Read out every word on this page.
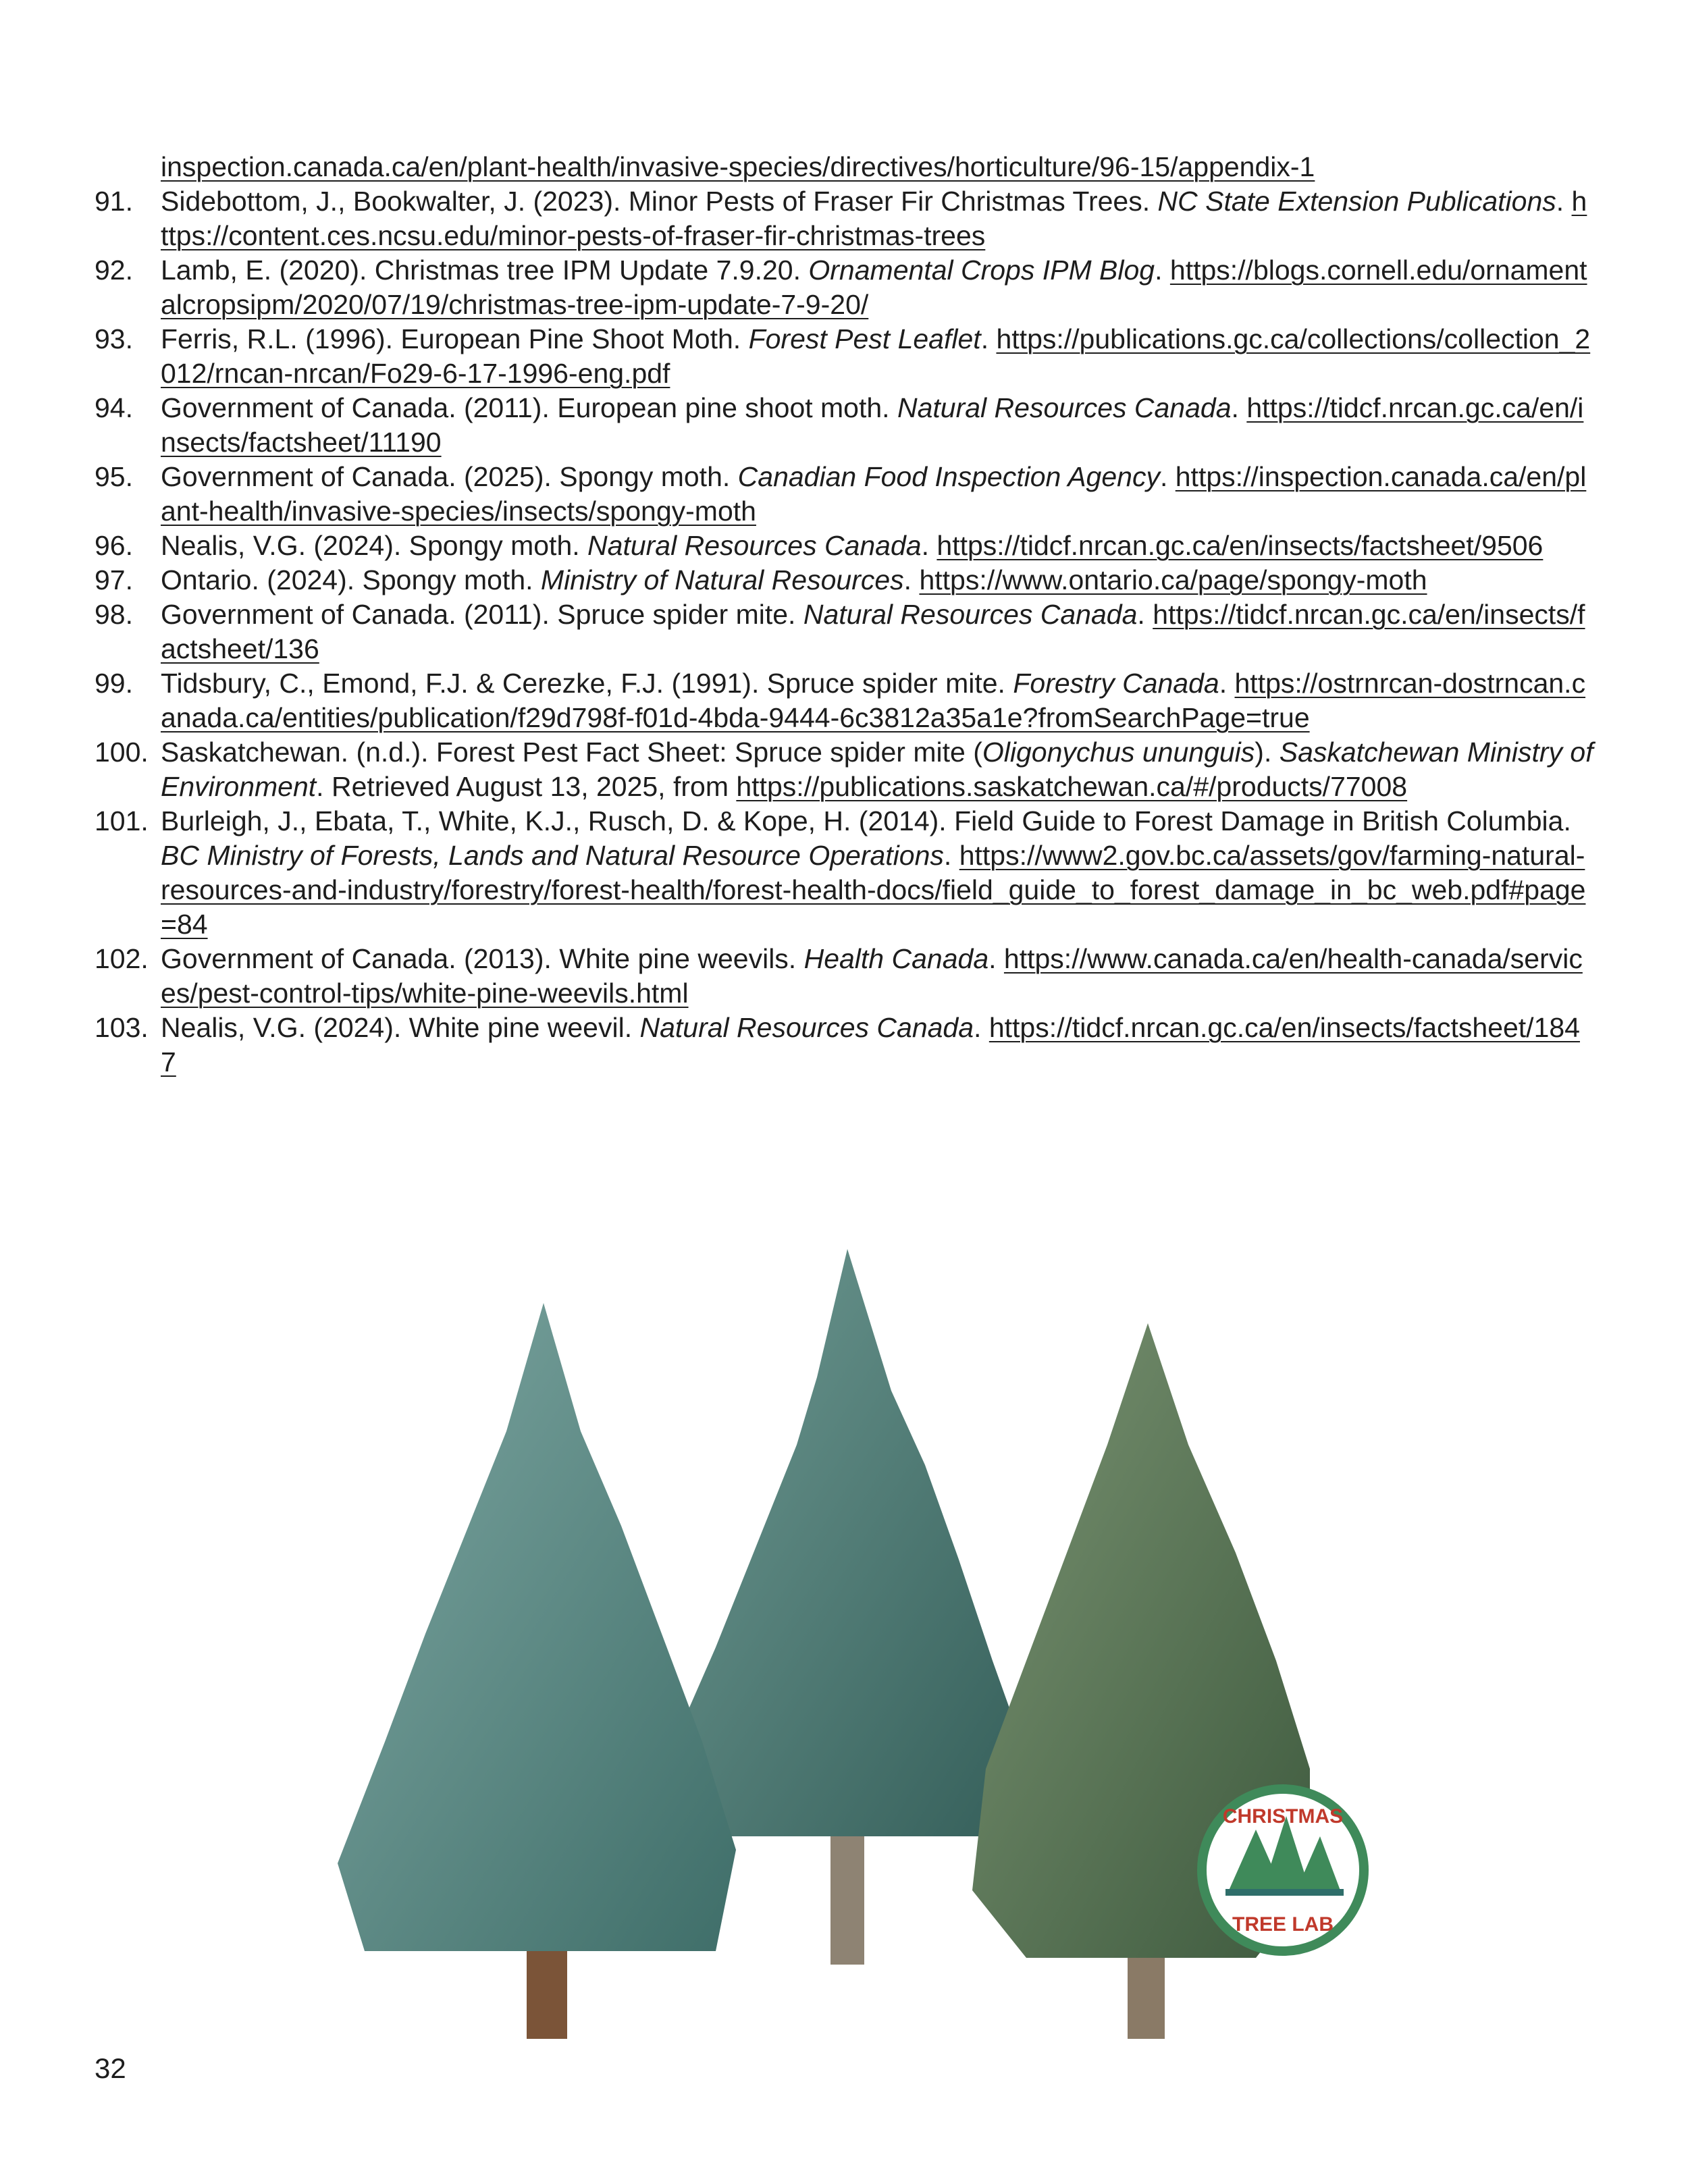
inspection.canada.ca/en/plant-health/invasive-species/directives/horticulture/96-15/appendix-1
91.	Sidebottom, J., Bookwalter, J. (2023). Minor Pests of Fraser Fir Christmas Trees. NC State Extension Publications. https://content.ces.ncsu.edu/minor-pests-of-fraser-fir-christmas-trees
92.	Lamb, E. (2020). Christmas tree IPM Update 7.9.20. Ornamental Crops IPM Blog. https://blogs.cornell.edu/ornamentalcropsipm/2020/07/19/christmas-tree-ipm-update-7-9-20/
93.	Ferris, R.L. (1996). European Pine Shoot Moth. Forest Pest Leaflet. https://publications.gc.ca/collections/collection_2012/rncan-nrcan/Fo29-6-17-1996-eng.pdf
94.	Government of Canada. (2011). European pine shoot moth. Natural Resources Canada. https://tidcf.nrcan.gc.ca/en/insects/factsheet/11190
95.	Government of Canada. (2025). Spongy moth. Canadian Food Inspection Agency. https://inspection.canada.ca/en/plant-health/invasive-species/insects/spongy-moth
96.	Nealis, V.G. (2024). Spongy moth. Natural Resources Canada. https://tidcf.nrcan.gc.ca/en/insects/factsheet/9506
97.	Ontario. (2024). Spongy moth. Ministry of Natural Resources. https://www.ontario.ca/page/spongy-moth
98.	Government of Canada. (2011). Spruce spider mite. Natural Resources Canada. https://tidcf.nrcan.gc.ca/en/insects/factsheet/136
99.	Tidsbury, C., Emond, F.J. & Cerezke, F.J. (1991). Spruce spider mite. Forestry Canada. https://ostrnrcan-dostrncan.canada.ca/entities/publication/f29d798f-f01d-4bda-9444-6c3812a35a1e?fromSearchPage=true
100. Saskatchewan. (n.d.). Forest Pest Fact Sheet: Spruce spider mite (Oligonychus ununguis). Saskatchewan Ministry of Environment. Retrieved August 13, 2025, from https://publications.saskatchewan.ca/#/products/77008
101. Burleigh, J., Ebata, T., White, K.J., Rusch, D. & Kope, H. (2014). Field Guide to Forest Damage in British Columbia. BC Ministry of Forests, Lands and Natural Resource Operations. https://www2.gov.bc.ca/assets/gov/farming-natural-resources-and-industry/forestry/forest-health/forest-health-docs/field_guide_to_forest_damage_in_bc_web.pdf#page=84
102. Government of Canada. (2013). White pine weevils. Health Canada. https://www.canada.ca/en/health-canada/services/pest-control-tips/white-pine-weevils.html
103. Nealis, V.G. (2024). White pine weevil. Natural Resources Canada. https://tidcf.nrcan.gc.ca/en/insects/factsheet/1847
CHRISTMAS
TREE LAB
32
